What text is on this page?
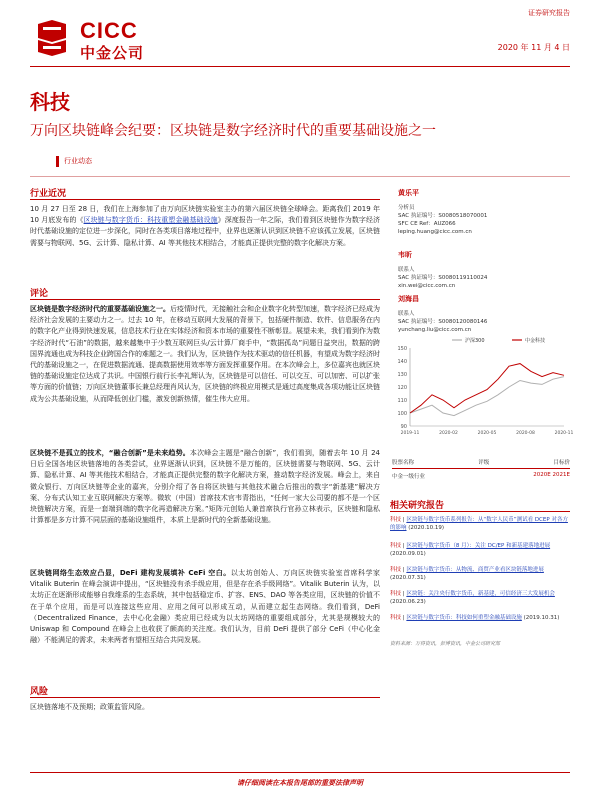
CICC
中金公司
证券研究报告
2020 年 11 月 4 日
科技
万向区块链峰会纪要：区块链是数字经济时代的重要基础设施之一
行业动态
行业近况
10 月 27 日至 28 日，我们在上海参加了由万向区块链实验室主办的第六届区块链全球峰会。距离我们 2019 年 10 月底发布的《区块链与数字货币：科技重塑金融基础设施》深度报告一年之际，我们看到区块链作为数字经济时代基础设施的定位进一步深化，同时在各类项目落地过程中，业界也逐渐认识到区块链不应该孤立发展，区块链需要与物联网、5G、云计算、隐私计算、AI 等其他技术相结合，才能真正提供完整的数字化解决方案。
评论
区块链是数字经济时代的重要基础设施之一。后疫情时代，无接触社会和企业数字化转型加速，数字经济已经成为经济社会发展的主要动力之一。过去 10 年，在移动互联网大发展的背景下，包括硬件制造、软件、信息服务在内的数字化产业得到快速发展，信息技术行业在实体经济和资本市场的重要性不断彰显。展望未来，我们看到作为数字经济时代“石油”的数据，越来越集中于少数互联网巨头/云计算厂商手中，“数据孤岛”问题日益突出，数据的跨国界流通也成为科技企业跨国合作的难题之一。我们认为，区块链作为技术驱动的信任机器，有望成为数字经济时代的基础设施之一，在促进数据流通、提高数据使用效率等方面发挥重要作用。在本次峰会上，多位嘉宾也就区块链的基础设施定位达成了共识。中国银行前行长李礼辉认为，区块链是可以信任、可以交互、可以加密、可以扩张等方面的价值链；万向区块链董事长兼总经理肖风认为，区块链的终极应用模式是通过高度集成各项功能让区块链成为公共基础设施，从而降低创业门槛，激发创新热情，催生伟大应用。
区块链不是孤立的技术，“融合创新”是未来趋势。本次峰会主题是“融合创新”，我们看到，随着去年 10 月 24 日后全国各地区块链落地的各类尝试，业界逐渐认识到，区块链不是万能的，区块链需要与物联网、5G、云计算、隐私计算、AI 等其他技术相结合，才能真正提供完整的数字化解决方案，推动数字经济发展。峰会上，来自微众银行、万向区块链等企业的嘉宾，分别介绍了各自将区块链与其他技术融合后推出的数字“新基建”解决方案、分布式认知工业互联网解决方案等。微软（中国）首席技术官韦青指出，“任何一家大公司要的都不是一个区块链解决方案，而是一套端到端的数字化再造解决方案。”矩阵元创始人兼首席执行官孙立林表示，区块链和隐私计算都是多方计算不同层面的基础设施组件，本质上是新时代的全新基础设施。
区块链网络生态效应凸显，DeFi 建构发展填补 CeFi 空白。以太坊创始人、万向区块链实验室首席科学家 Vitalik Buterin 在峰会演讲中提出，“区块链没有杀手级应用，但是存在杀手级网络”。Vitalik Buterin 认为，以太坊正在逐渐形成能够自我维系的生态系统，其中包括稳定币、扩容、ENS、DAO 等各类应用，区块链的价值不在于单个应用，而是可以连接这些应用、应用之间可以形成互动，从而建立起生态网络。我们看到，DeFi（Decentralized Finance，去中心化金融）类应用已经成为以太坊网络的重要组成部分，尤其是规模较大的 Uniswap 和 Compound 在峰会上也收获了颇高的关注度。我们认为，目前 DeFi 提供了部分 CeFi（中心化金融）不能满足的需求，未来两者有望相互结合共同发展。
风险
区块链落地不及预期；政策监管风险。
黄乐平
分析员
SAC 执证编号：S0080518070001
SFC CE Ref：AUZ066
leping.huang@cicc.com.cn
韦昕
联系人
SAC 执证编号：S0080119110024
xin.wei@cicc.com.cn
刘海昌
联系人
SAC 执证编号：S0080120080146
yunchang.liu@cicc.com.cn
90
100
110
120
130
140
150
2019-11	2020-02	2020-05	2020-08	2020-11
沪深300	中金科技
股票名称	评级	目标价
中金一级行业	2020E 2021E
相关研究报告
科技 | 区块链与数字货币系列报告：从“数字人民币”测试看 DCEP 对各方的影响 (2020.10.19)
科技 | 区块链与数字货币（8 月）：关注 DC/EP 和新基建落地进展 (2020.09.01)
科技 | 区块链与数字货币：从物流、商贸产业看区块链落地进展 (2020.07.31)
科技 | 区块链：关注央行数字货币，新基建，可信经济三大发展机会 (2020.06.23)
科技 | 区块链与数字货币：科技如何重塑金融基础设施 (2019.10.31)
资料来源：万得资讯，彭博资讯，中金公司研究部
请仔细阅读在本报告尾部的重要法律声明
